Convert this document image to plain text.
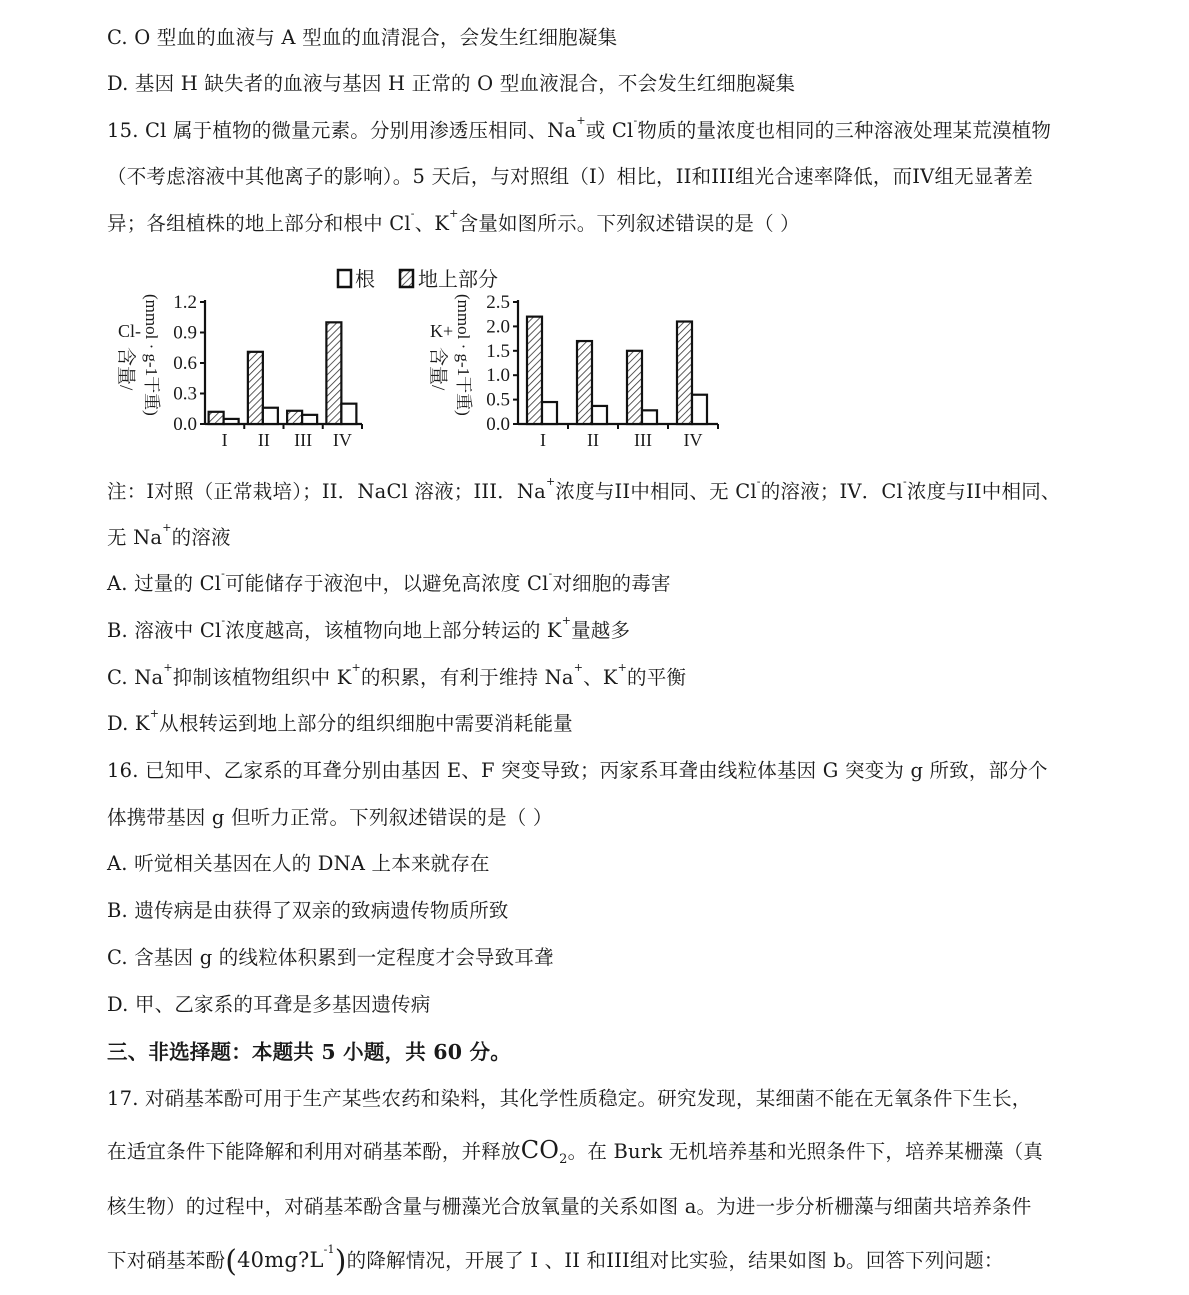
C. O 型血的血液与 A 型血的血清混合，会发生红细胞凝集
D. 基因 H 缺失者的血液与基因 H 正常的 O 型血液混合，不会发生红细胞凝集
15. Cl 属于植物的微量元素。分别用渗透压相同、Na+或 Cl-物质的量浓度也相同的三种溶液处理某荒漠植物
（不考虑溶液中其他离子的影响）。5 天后，与对照组（I）相比，II和III组光合速率降低，而IV组无显著差
异；各组植株的地上部分和根中 Cl-、K+含量如图所示。下列叙述错误的是（ ）
根 地上部分
0.0
0.3
0.6
0.9
1.2
I II III IV
Cl-
含量/ (mmol · g-1干重)
0.0
0.5
1.0
1.5
2.0
2.5
I II III IV
K+
含量/ (mmol · g-1干重)
注：I对照（正常栽培）；II．NaCl 溶液；III．Na+浓度与II中相同、无 Cl-的溶液；IV．Cl-浓度与II中相同、
无 Na+的溶液
A. 过量的 Cl-可能储存于液泡中，以避免高浓度 Cl-对细胞的毒害
B. 溶液中 Cl-浓度越高，该植物向地上部分转运的 K+量越多
C. Na+抑制该植物组织中 K+的积累，有利于维持 Na+、K+的平衡
D. K+从根转运到地上部分的组织细胞中需要消耗能量
16. 已知甲、乙家系的耳聋分别由基因 E、F 突变导致；丙家系耳聋由线粒体基因 G 突变为 g 所致，部分个
体携带基因 g 但听力正常。下列叙述错误的是（ ）
A. 听觉相关基因在人的 DNA 上本来就存在
B. 遗传病是由获得了双亲的致病遗传物质所致
C. 含基因 g 的线粒体积累到一定程度才会导致耳聋
D. 甲、乙家系的耳聋是多基因遗传病
三、非选择题：本题共 5 小题，共 60 分。
17. 对硝基苯酚可用于生产某些农药和染料，其化学性质稳定。研究发现，某细菌不能在无氧条件下生长，
在适宜条件下能降解和利用对硝基苯酚，并释放$CO_2$。在 Burk 无机培养基和光照条件下，培养某栅藻（真
核生物）的过程中，对硝基苯酚含量与栅藻光合放氧量的关系如图 a。为进一步分析栅藻与细菌共培养条件
下对硝基苯酚$(40mg?L^{-1})$的降解情况，开展了 I 、II 和III组对比实验，结果如图 b。回答下列问题：
